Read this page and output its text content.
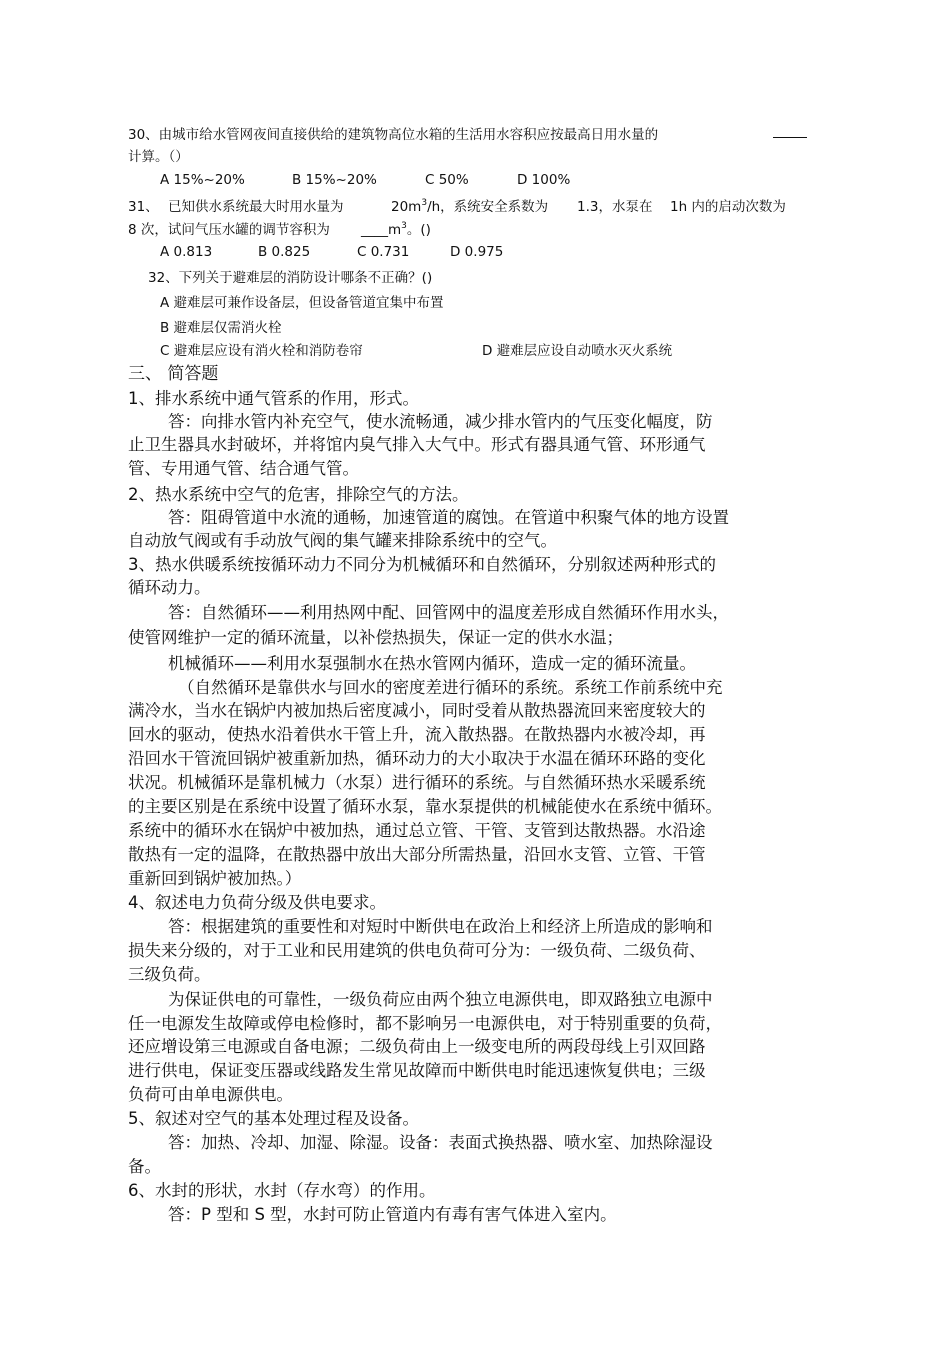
30、由城市给水管网夜间直接供给的建筑物高位水箱的生活用水容积应按最高日用水量的
计算。（）
A 15%~20%	B 15%~20%	C 50%	D 100%
31、 已知供水系统最大时用水量为	$20m^3/h$，系统安全系数为 1.3，水泵在 1h 内的启动次数为
8 次，试问气压水罐的调节容积为 $\_\_\_\_m^3$。()
A 0.813	B 0.825	C 0.731	D 0.975
32、下列关于避难层的消防设计哪条不正确？()
A 避难层可兼作设备层，但设备管道宜集中布置
B 避难层仅需消火栓
C 避难层应设有消火栓和消防卷帘	D 避难层应设自动喷水灭火系统
三、 简答题
1、排水系统中通气管系的作用，形式。
答：向排水管内补充空气，使水流畅通，减少排水管内的气压变化幅度，防
止卫生器具水封破坏，并将馆内臭气排入大气中。形式有器具通气管、环形通气
管、专用通气管、结合通气管。
2、热水系统中空气的危害，排除空气的方法。
答：阻碍管道中水流的通畅，加速管道的腐蚀。在管道中积聚气体的地方设置
自动放气阀或有手动放气阀的集气罐来排除系统中的空气。
3、热水供暖系统按循环动力不同分为机械循环和自然循环，分别叙述两种形式的
循环动力。
答：自然循环——利用热网中配、回管网中的温度差形成自然循环作用水头，
使管网维护一定的循环流量，以补偿热损失，保证一定的供水水温；
机械循环——利用水泵强制水在热水管网内循环，造成一定的循环流量。
（自然循环是靠供水与回水的密度差进行循环的系统。系统工作前系统中充
满冷水，当水在锅炉内被加热后密度减小，同时受着从散热器流回来密度较大的
回水的驱动，使热水沿着供水干管上升，流入散热器。在散热器内水被冷却，再
沿回水干管流回锅炉被重新加热，循环动力的大小取决于水温在循环环路的变化
状况。机械循环是靠机械力（水泵）进行循环的系统。与自然循环热水采暖系统
的主要区别是在系统中设置了循环水泵，靠水泵提供的机械能使水在系统中循环。
系统中的循环水在锅炉中被加热，通过总立管、干管、支管到达散热器。水沿途
散热有一定的温降，在散热器中放出大部分所需热量，沿回水支管、立管、干管
重新回到锅炉被加热。）
4、叙述电力负荷分级及供电要求。
答：根据建筑的重要性和对短时中断供电在政治上和经济上所造成的影响和
损失来分级的，对于工业和民用建筑的供电负荷可分为：一级负荷、二级负荷、
三级负荷。
为保证供电的可靠性，一级负荷应由两个独立电源供电，即双路独立电源中
任一电源发生故障或停电检修时，都不影响另一电源供电，对于特别重要的负荷，
还应增设第三电源或自备电源；二级负荷由上一级变电所的两段母线上引双回路
进行供电，保证变压器或线路发生常见故障而中断供电时能迅速恢复供电；三级
负荷可由单电源供电。
5、叙述对空气的基本处理过程及设备。
答：加热、冷却、加湿、除湿。设备：表面式换热器、喷水室、加热除湿设
备。
6、水封的形状，水封（存水弯）的作用。
答：P 型和 S 型，水封可防止管道内有毒有害气体进入室内。
